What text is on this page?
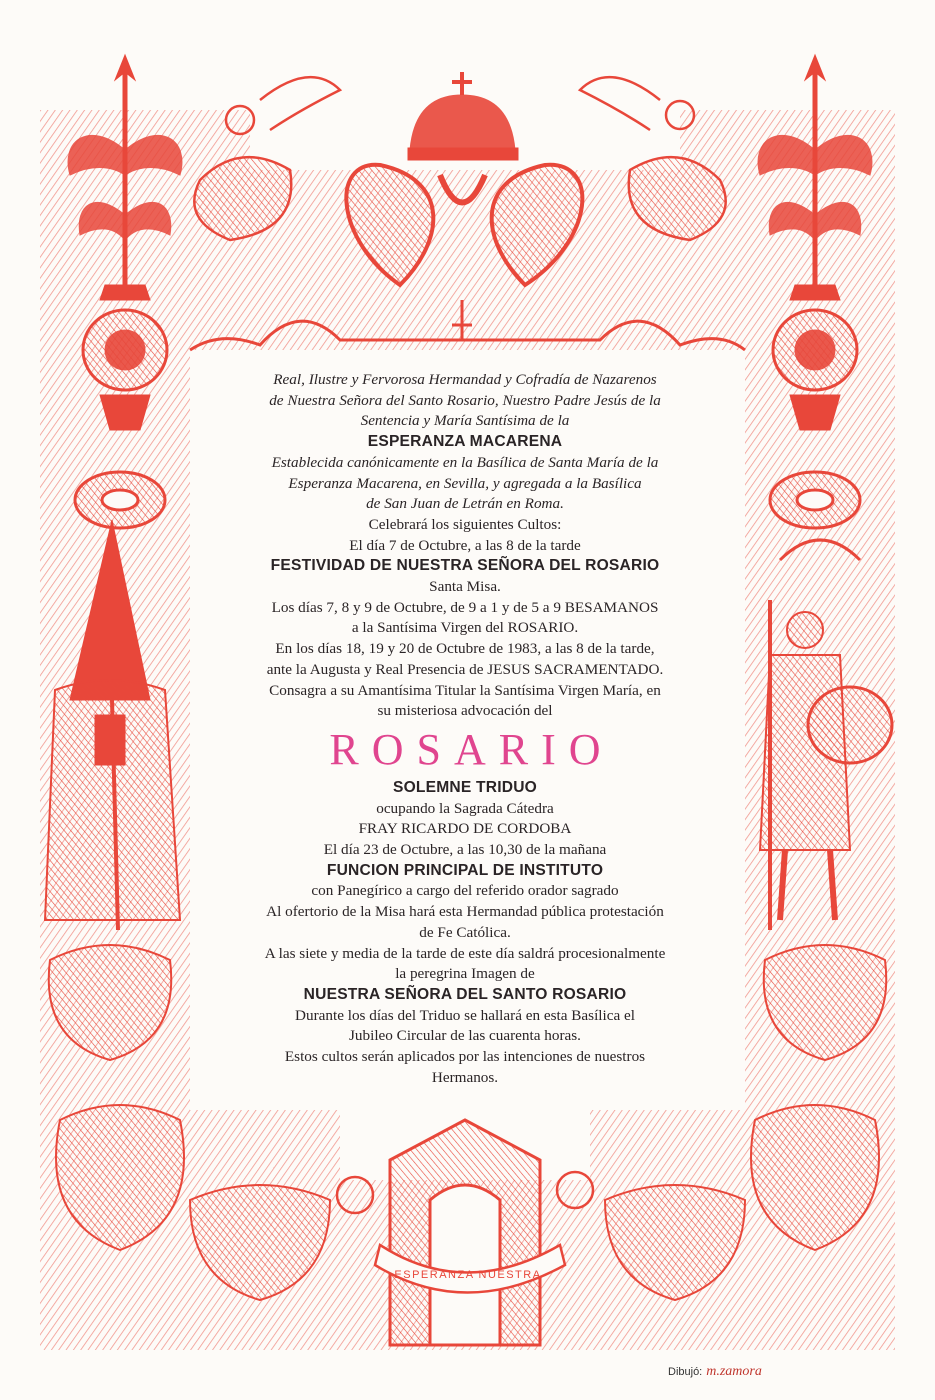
ESPERANZA NUESTRA
Real, Ilustre y Fervorosa Hermandad y Cofradía de Nazarenos
de Nuestra Señora del Santo Rosario, Nuestro Padre Jesús de la
Sentencia y María Santísima de la
ESPERANZA MACARENA
Establecida canónicamente en la Basílica de Santa María de la
Esperanza Macarena, en Sevilla, y agregada a la Basílica
de San Juan de Letrán en Roma.
Celebrará los siguientes Cultos:
El día 7 de Octubre, a las 8 de la tarde
FESTIVIDAD DE NUESTRA SEÑORA DEL ROSARIO
Santa Misa.
Los días 7, 8 y 9 de Octubre, de 9 a 1 y de 5 a 9 BESAMANOS
a la Santísima Virgen del ROSARIO.
En los días 18, 19 y 20 de Octubre de 1983, a las 8 de la tarde,
ante la Augusta y Real Presencia de JESUS SACRAMENTADO.
Consagra a su Amantísima Titular la Santísima Virgen María, en
su misteriosa advocación del
ROSARIO
SOLEMNE TRIDUO
ocupando la Sagrada Cátedra
FRAY RICARDO DE CORDOBA
El día 23 de Octubre, a las 10,30 de la mañana
FUNCION PRINCIPAL DE INSTITUTO
con Panegírico a cargo del referido orador sagrado
Al ofertorio de la Misa hará esta Hermandad pública protestación
de Fe Católica.
A las siete y media de la tarde de este día saldrá procesionalmente
la peregrina Imagen de
NUESTRA SEÑORA DEL SANTO ROSARIO
Durante los días del Triduo se hallará en esta Basílica el
Jubileo Circular de las cuarenta horas.
Estos cultos serán aplicados por las intenciones de nuestros
Hermanos.
Dibujó: m.zamora
